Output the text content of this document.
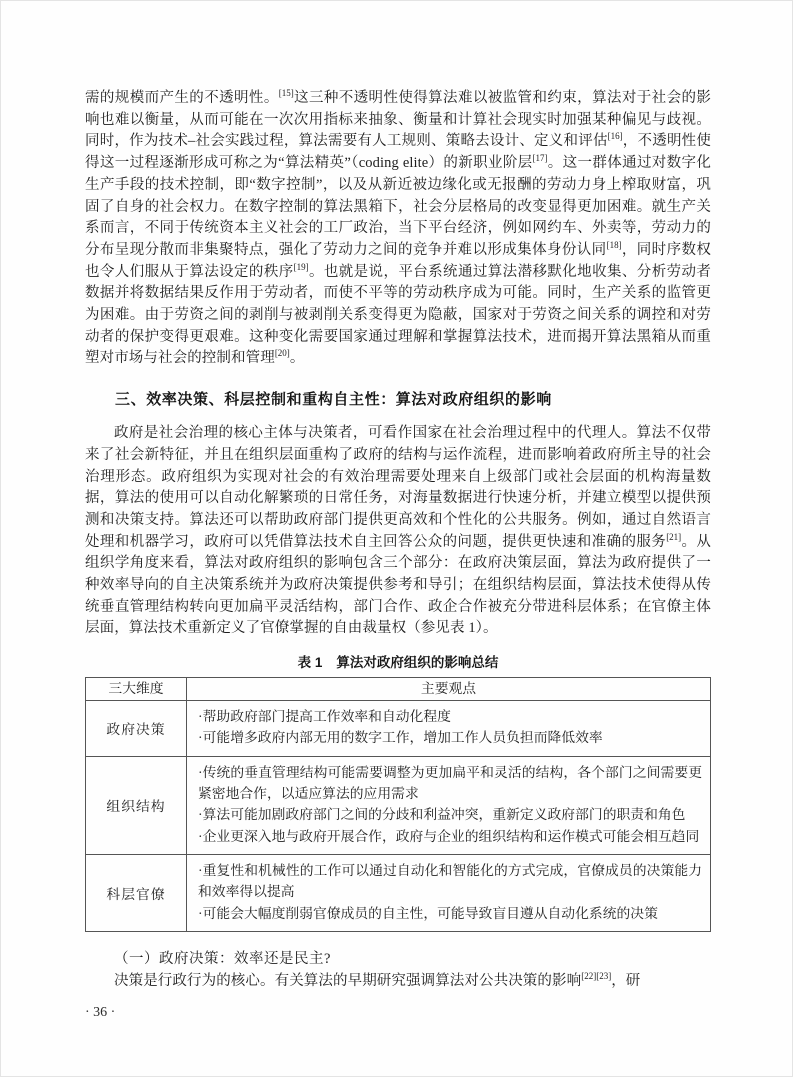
需的规模而产生的不透明性。[15]这三种不透明性使得算法难以被监管和约束，算法对于社会的影响也难以衡量，从而可能在一次次用指标来抽象、衡量和计算社会现实时加强某种偏见与歧视。同时，作为技术–社会实践过程，算法需要有人工规则、策略去设计、定义和评估[16]，不透明性使得这一过程逐渐形成可称之为“算法精英”（coding elite）的新职业阶层[17]。这一群体通过对数字化生产手段的技术控制，即“数字控制”，以及从新近被边缘化或无报酬的劳动力身上榨取财富，巩固了自身的社会权力。在数字控制的算法黑箱下，社会分层格局的改变显得更加困难。就生产关系而言，不同于传统资本主义社会的工厂政治，当下平台经济，例如网约车、外卖等，劳动力的分布呈现分散而非集聚特点，强化了劳动力之间的竞争并难以形成集体身份认同[18]，同时序数权也令人们服从于算法设定的秩序[19]。也就是说，平台系统通过算法潜移默化地收集、分析劳动者数据并将数据结果反作用于劳动者，而使不平等的劳动秩序成为可能。同时，生产关系的监管更为困难。由于劳资之间的剥削与被剥削关系变得更为隐蔽，国家对于劳资之间关系的调控和对劳动者的保护变得更艰难。这种变化需要国家通过理解和掌握算法技术，进而揭开算法黑箱从而重塑对市场与社会的控制和管理[20]。

三、效率决策、科层控制和重构自主性：算法对政府组织的影响

政府是社会治理的核心主体与决策者，可看作国家在社会治理过程中的代理人。算法不仅带来了社会新特征，并且在组织层面重构了政府的结构与运作流程，进而影响着政府所主导的社会治理形态。政府组织为实现对社会的有效治理需要处理来自上级部门或社会层面的机构海量数据，算法的使用可以自动化解繁琐的日常任务，对海量数据进行快速分析，并建立模型以提供预测和决策支持。算法还可以帮助政府部门提供更高效和个性化的公共服务。例如，通过自然语言处理和机器学习，政府可以凭借算法技术自主回答公众的问题，提供更快速和准确的服务[21]。从组织学角度来看，算法对政府组织的影响包含三个部分：在政府决策层面，算法为政府提供了一种效率导向的自主决策系统并为政府决策提供参考和导引；在组织结构层面，算法技术使得从传统垂直管理结构转向更加扁平灵活结构，部门合作、政企合作被充分带进科层体系；在官僚主体层面，算法技术重新定义了官僚掌握的自由裁量权（参见表 1）。

表 1 算法对政府组织的影响总结
三大维度	主要观点
政府决策	·帮助政府部门提高工作效率和自动化程度
·可能增多政府内部无用的数字工作，增加工作人员负担而降低效率

组织结构	·传统的垂直管理结构可能需要调整为更加扁平和灵活的结构，各个部门之间需要更紧密地合作，以适应算法的应用需求
·算法可能加剧政府部门之间的分歧和利益冲突，重新定义政府部门的职责和角色
·企业更深入地与政府开展合作，政府与企业的组织结构和运作模式可能会相互趋同

科层官僚	·重复性和机械性的工作可以通过自动化和智能化的方式完成，官僚成员的决策能力和效率得以提高
·可能会大幅度削弱官僚成员的自主性，可能导致盲目遵从自动化系统的决策

（一）政府决策：效率还是民主?

决策是行政行为的核心。有关算法的早期研究强调算法对公共决策的影响[22][23]，研

· 36 ·
